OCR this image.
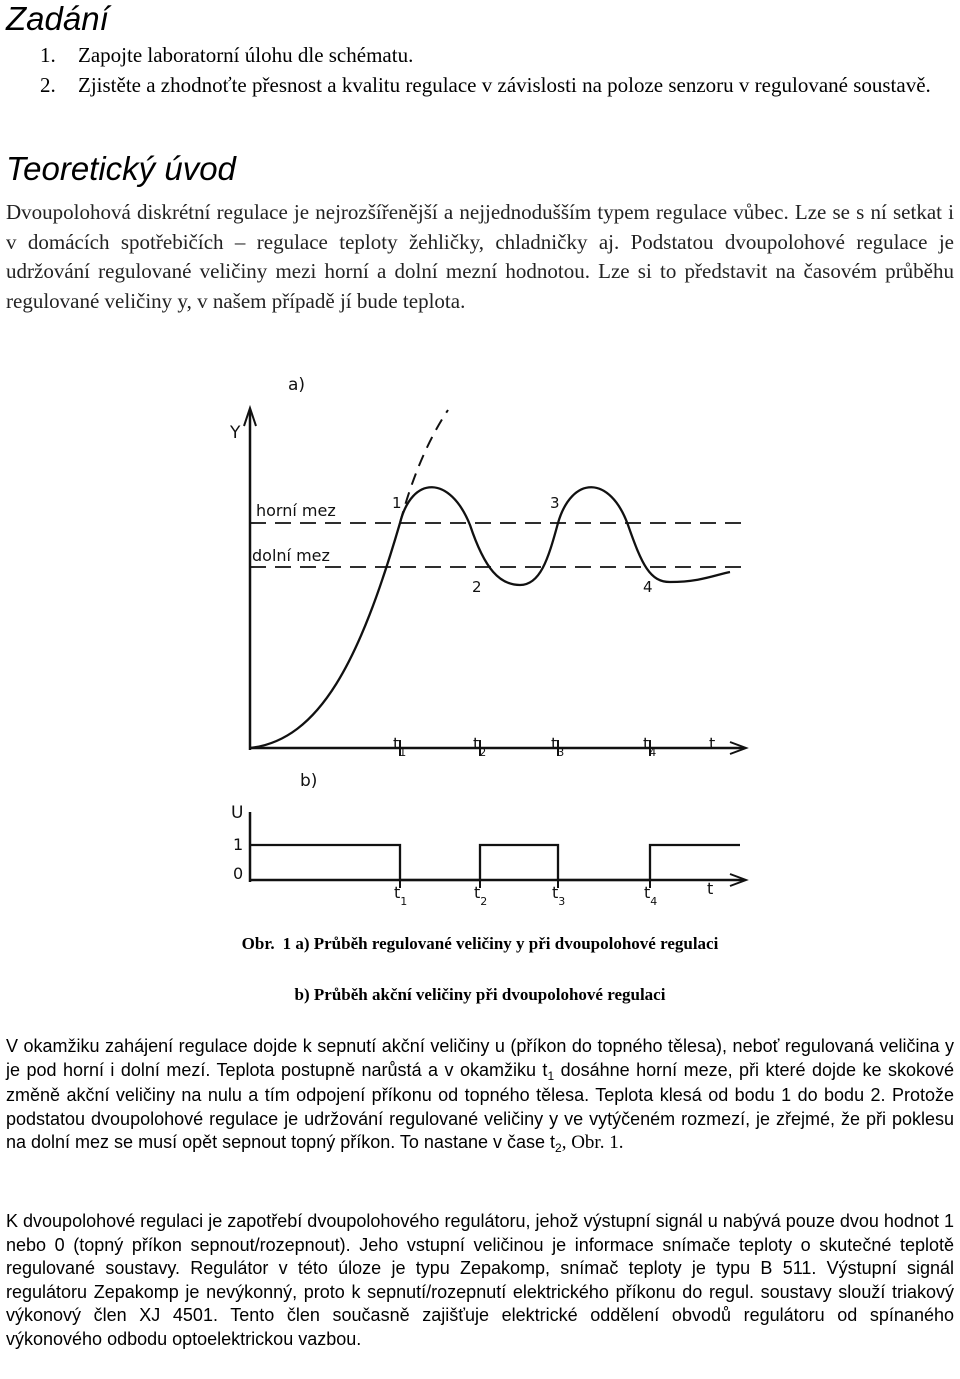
Zadání
1.	Zapojte laboratorní úlohu dle schématu.
2.	Zjistěte a zhodnoťte přesnost a kvalitu regulace v závislosti na poloze senzoru v regulované soustavě.
Teoretický úvod

Dvoupolohová diskrétní regulace je nejrozšířenější a nejjednodušším typem regulace vůbec. Lze se s ní setkat i v domácích spotřebičích – regulace teploty žehličky, chladničky aj. Podstatou dvoupolohové regulace je udržování regulované veličiny mezi horní a dolní mezní hodnotou. Lze si to představit na časovém průběhu regulované veličiny y, v našem případě jí bude teplota.

a)
Y
horní mez
dolní mez
1
2
3
4
t
$t_1$	$t_2$	$t_3$	$t_4$
b)
U
1
0
t
$t_1$	$t_2$	$t_3$	$t_4$

Obr. 1 a) Průběh regulované veličiny y při dvoupolohové regulaci

b) Průběh akční veličiny při dvoupolohové regulaci

V okamžiku zahájení regulace dojde k sepnutí akční veličiny u (příkon do topného tělesa), neboť regulovaná veličina y je pod horní i dolní mezí. Teplota postupně narůstá a v okamžiku $t_1$ dosáhne horní meze, při které dojde ke skokové změně akční veličiny na nulu a tím odpojení příkonu od topného tělesa. Teplota klesá od bodu 1 do bodu 2. Protože podstatou dvoupolohové regulace je udržování regulované veličiny y ve vytýčeném rozmezí, je zřejmé, že při poklesu na dolní mez se musí opět sepnout topný příkon. To nastane v čase $t_2$, Obr. 1.

K dvoupolohové regulaci je zapotřebí dvoupolohového regulátoru, jehož výstupní signál u nabývá pouze dvou hodnot 1 nebo 0 (topný příkon sepnout/rozepnout). Jeho vstupní veličinou je informace snímače teploty o skutečné teplotě regulované soustavy. Regulátor v této úloze je typu Zepakomp, snímač teploty je typu B 511. Výstupní signál regulátoru Zepakomp je nevýkonný, proto k sepnutí/rozepnutí elektrického příkonu do regul. soustavy slouží triakový výkonový člen XJ 4501. Tento člen současně zajišťuje elektrické oddělení obvodů regulátoru od spínaného výkonového odbodu optoelektrickou vazbou.
